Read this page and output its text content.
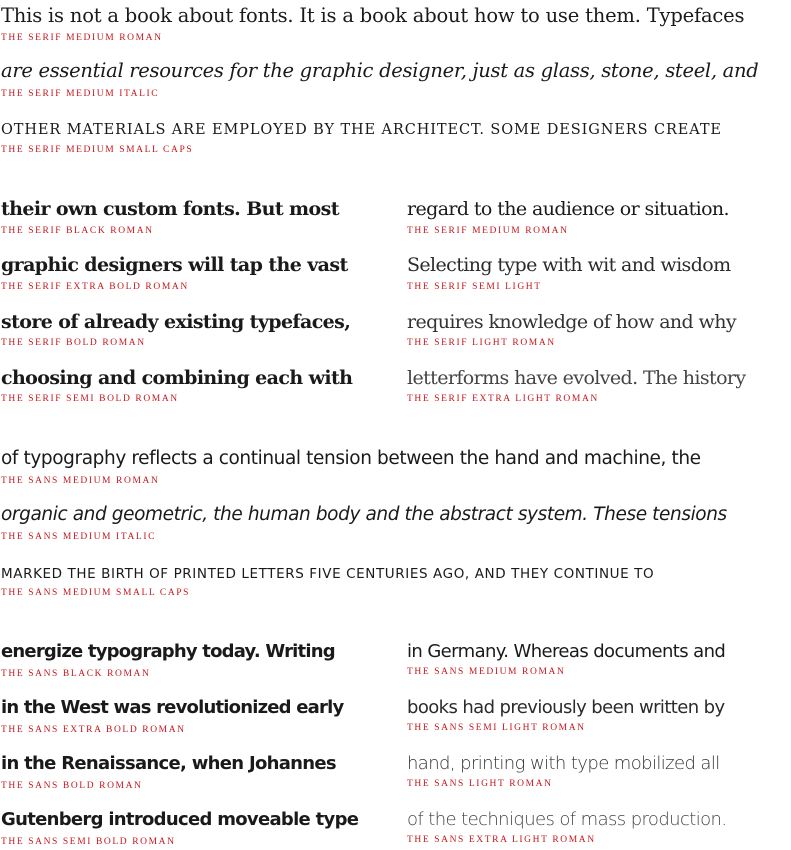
This is not a book about fonts. It is a book about how to use them. Typefaces
THE SERIF MEDIUM ROMAN
are essential resources for the graphic designer, just as glass, stone, steel, and
THE SERIF MEDIUM ITALIC
OTHER MATERIALS ARE EMPLOYED BY THE ARCHITECT. SOME DESIGNERS CREATE
THE SERIF MEDIUM SMALL CAPS
their own custom fonts. But most
THE SERIF BLACK ROMAN
graphic designers will tap the vast
THE SERIF EXTRA BOLD ROMAN
store of already existing typefaces,
THE SERIF BOLD ROMAN
choosing and combining each with
THE SERIF SEMI BOLD ROMAN
regard to the audience or situation.
THE SERIF MEDIUM ROMAN
Selecting type with wit and wisdom
THE SERIF SEMI LIGHT
requires knowledge of how and why
THE SERIF LIGHT ROMAN
letterforms have evolved. The history
THE SERIF EXTRA LIGHT ROMAN
of typography reflects a continual tension between the hand and machine, the
THE SANS MEDIUM ROMAN
organic and geometric, the human body and the abstract system. These tensions
THE SANS MEDIUM ITALIC
MARKED THE BIRTH OF PRINTED LETTERS FIVE CENTURIES AGO, AND THEY CONTINUE TO
THE SANS MEDIUM SMALL CAPS
energize typography today. Writing
THE SANS BLACK ROMAN
in the West was revolutionized early
THE SANS EXTRA BOLD ROMAN
in the Renaissance, when Johannes
THE SANS BOLD ROMAN
Gutenberg introduced moveable type
THE SANS SEMI BOLD ROMAN
in Germany. Whereas documents and
THE SANS MEDIUM ROMAN
books had previously been written by
THE SANS SEMI LIGHT ROMAN
hand, printing with type mobilized all
THE SANS LIGHT ROMAN
of the techniques of mass production.
THE SANS EXTRA LIGHT ROMAN
